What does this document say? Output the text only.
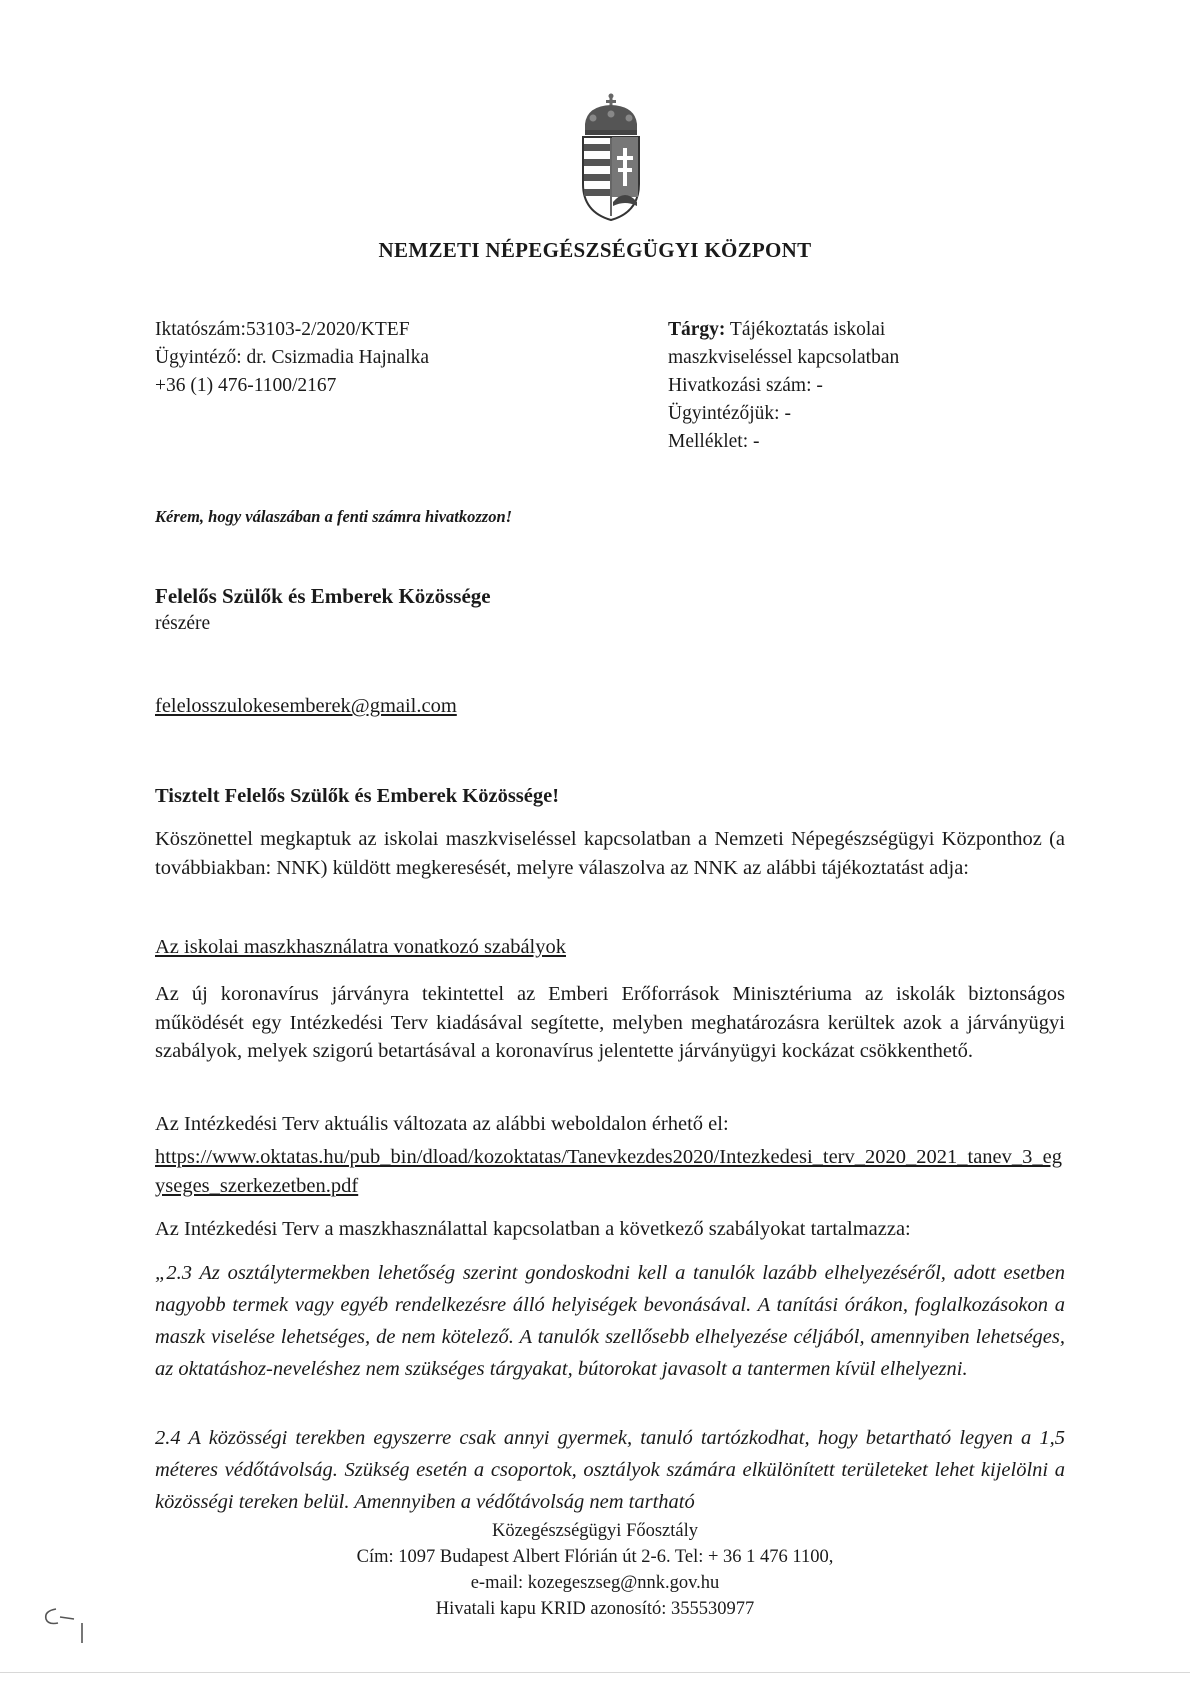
NEMZETI NÉPEGÉSZSÉGÜGYI KÖZPONT
Iktatószám:53103-2/2020/KTEF
Ügyintéző: dr. Csizmadia Hajnalka
+36 (1) 476-1100/2167
Tárgy: Tájékoztatás iskolai
maszkviseléssel kapcsolatban
Hivatkozási szám: -
Ügyintézőjük: -
Melléklet: -
Kérem, hogy válaszában a fenti számra hivatkozzon!
Felelős Szülők és Emberek Közössége
részére
felelosszulokesemberek@gmail.com
Tisztelt Felelős Szülők és Emberek Közössége!
Köszönettel megkaptuk az iskolai maszkviseléssel kapcsolatban a Nemzeti Népegészségügyi Központhoz (a továbbiakban: NNK) küldött megkeresését, melyre válaszolva az NNK az alábbi tájékoztatást adja:
Az iskolai maszkhasználatra vonatkozó szabályok
Az új koronavírus járványra tekintettel az Emberi Erőforrások Minisztériuma az iskolák biztonságos működését egy Intézkedési Terv kiadásával segítette, melyben meghatározásra kerültek azok a járványügyi szabályok, melyek szigorú betartásával a koronavírus jelentette járványügyi kockázat csökkenthető.
Az Intézkedési Terv aktuális változata az alábbi weboldalon érhető el:
https://www.oktatas.hu/pub_bin/dload/kozoktatas/Tanevkezdes2020/Intezkedesi_terv_2020_2021_tanev_3_egyseges_szerkezetben.pdf
Az Intézkedési Terv a maszkhasználattal kapcsolatban a következő szabályokat tartalmazza:
„2.3 Az osztálytermekben lehetőség szerint gondoskodni kell a tanulók lazább elhelyezéséről, adott esetben nagyobb termek vagy egyéb rendelkezésre álló helyiségek bevonásával. A tanítási órákon, foglalkozásokon a maszk viselése lehetséges, de nem kötelező. A tanulók szellősebb elhelyezése céljából, amennyiben lehetséges, az oktatáshoz-neveléshez nem szükséges tárgyakat, bútorokat javasolt a tantermen kívül elhelyezni.
2.4 A közösségi terekben egyszerre csak annyi gyermek, tanuló tartózkodhat, hogy betartható legyen a 1,5 méteres védőtávolság. Szükség esetén a csoportok, osztályok számára elkülönített területeket lehet kijelölni a közösségi tereken belül. Amennyiben a védőtávolság nem tartható
Közegészségügyi Főosztály
Cím: 1097 Budapest Albert Flórián út 2-6. Tel: + 36 1 476 1100,
e-mail: kozegeszseg@nnk.gov.hu
Hivatali kapu KRID azonosító: 355530977
